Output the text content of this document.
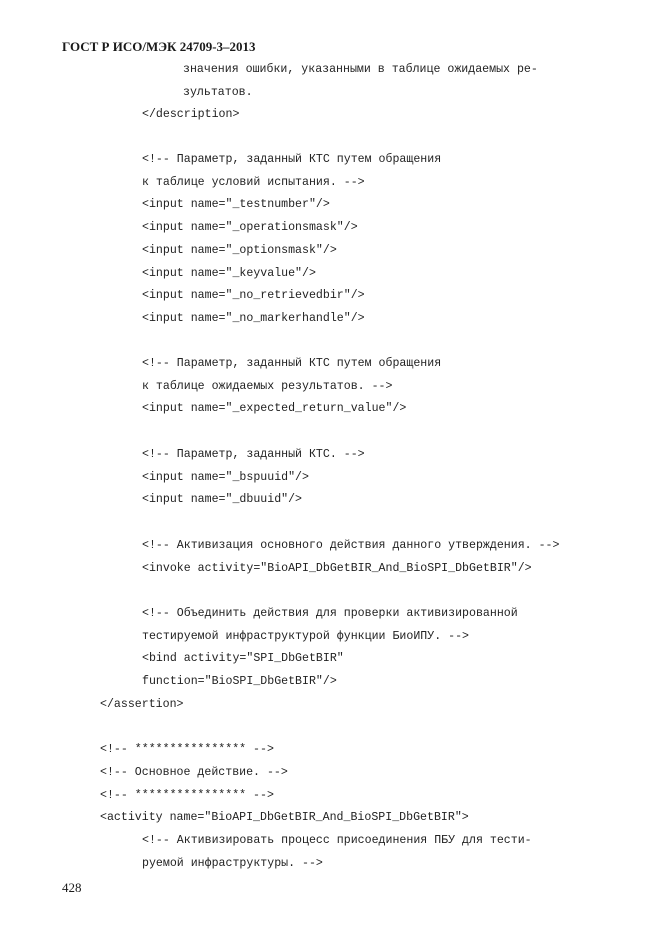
ГОСТ Р ИСО/МЭК 24709-3–2013
значения ошибки, указанными в таблице ожидаемых ре-
зультатов.
</description>
<!-- Параметр, заданный КТС путем обращения
к таблице условий испытания. -->
<input name="_testnumber"/>
<input name="_operationsmask"/>
<input name="_optionsmask"/>
<input name="_keyvalue"/>
<input name="_no_retrievedbir"/>
<input name="_no_markerhandle"/>
<!-- Параметр, заданный КТС путем обращения
к таблице ожидаемых результатов. -->
<input name="_expected_return_value"/>
<!-- Параметр, заданный КТС. -->
<input name="_bspuuid"/>
<input name="_dbuuid"/>
<!-- Активизация основного действия данного утверждения. -->
<invoke activity="BioAPI_DbGetBIR_And_BioSPI_DbGetBIR"/>
<!-- Объединить действия для проверки активизированной
тестируемой инфраструктурой функции БиоИПУ. -->
<bind activity="SPI_DbGetBIR"
function="BioSPI_DbGetBIR"/>
</assertion>
<!-- **************** -->
<!-- Основное действие. -->
<!-- **************** -->
<activity name="BioAPI_DbGetBIR_And_BioSPI_DbGetBIR">
<!-- Активизировать процесс присоединения ПБУ для тести-
руемой инфраструктуры. -->
428
